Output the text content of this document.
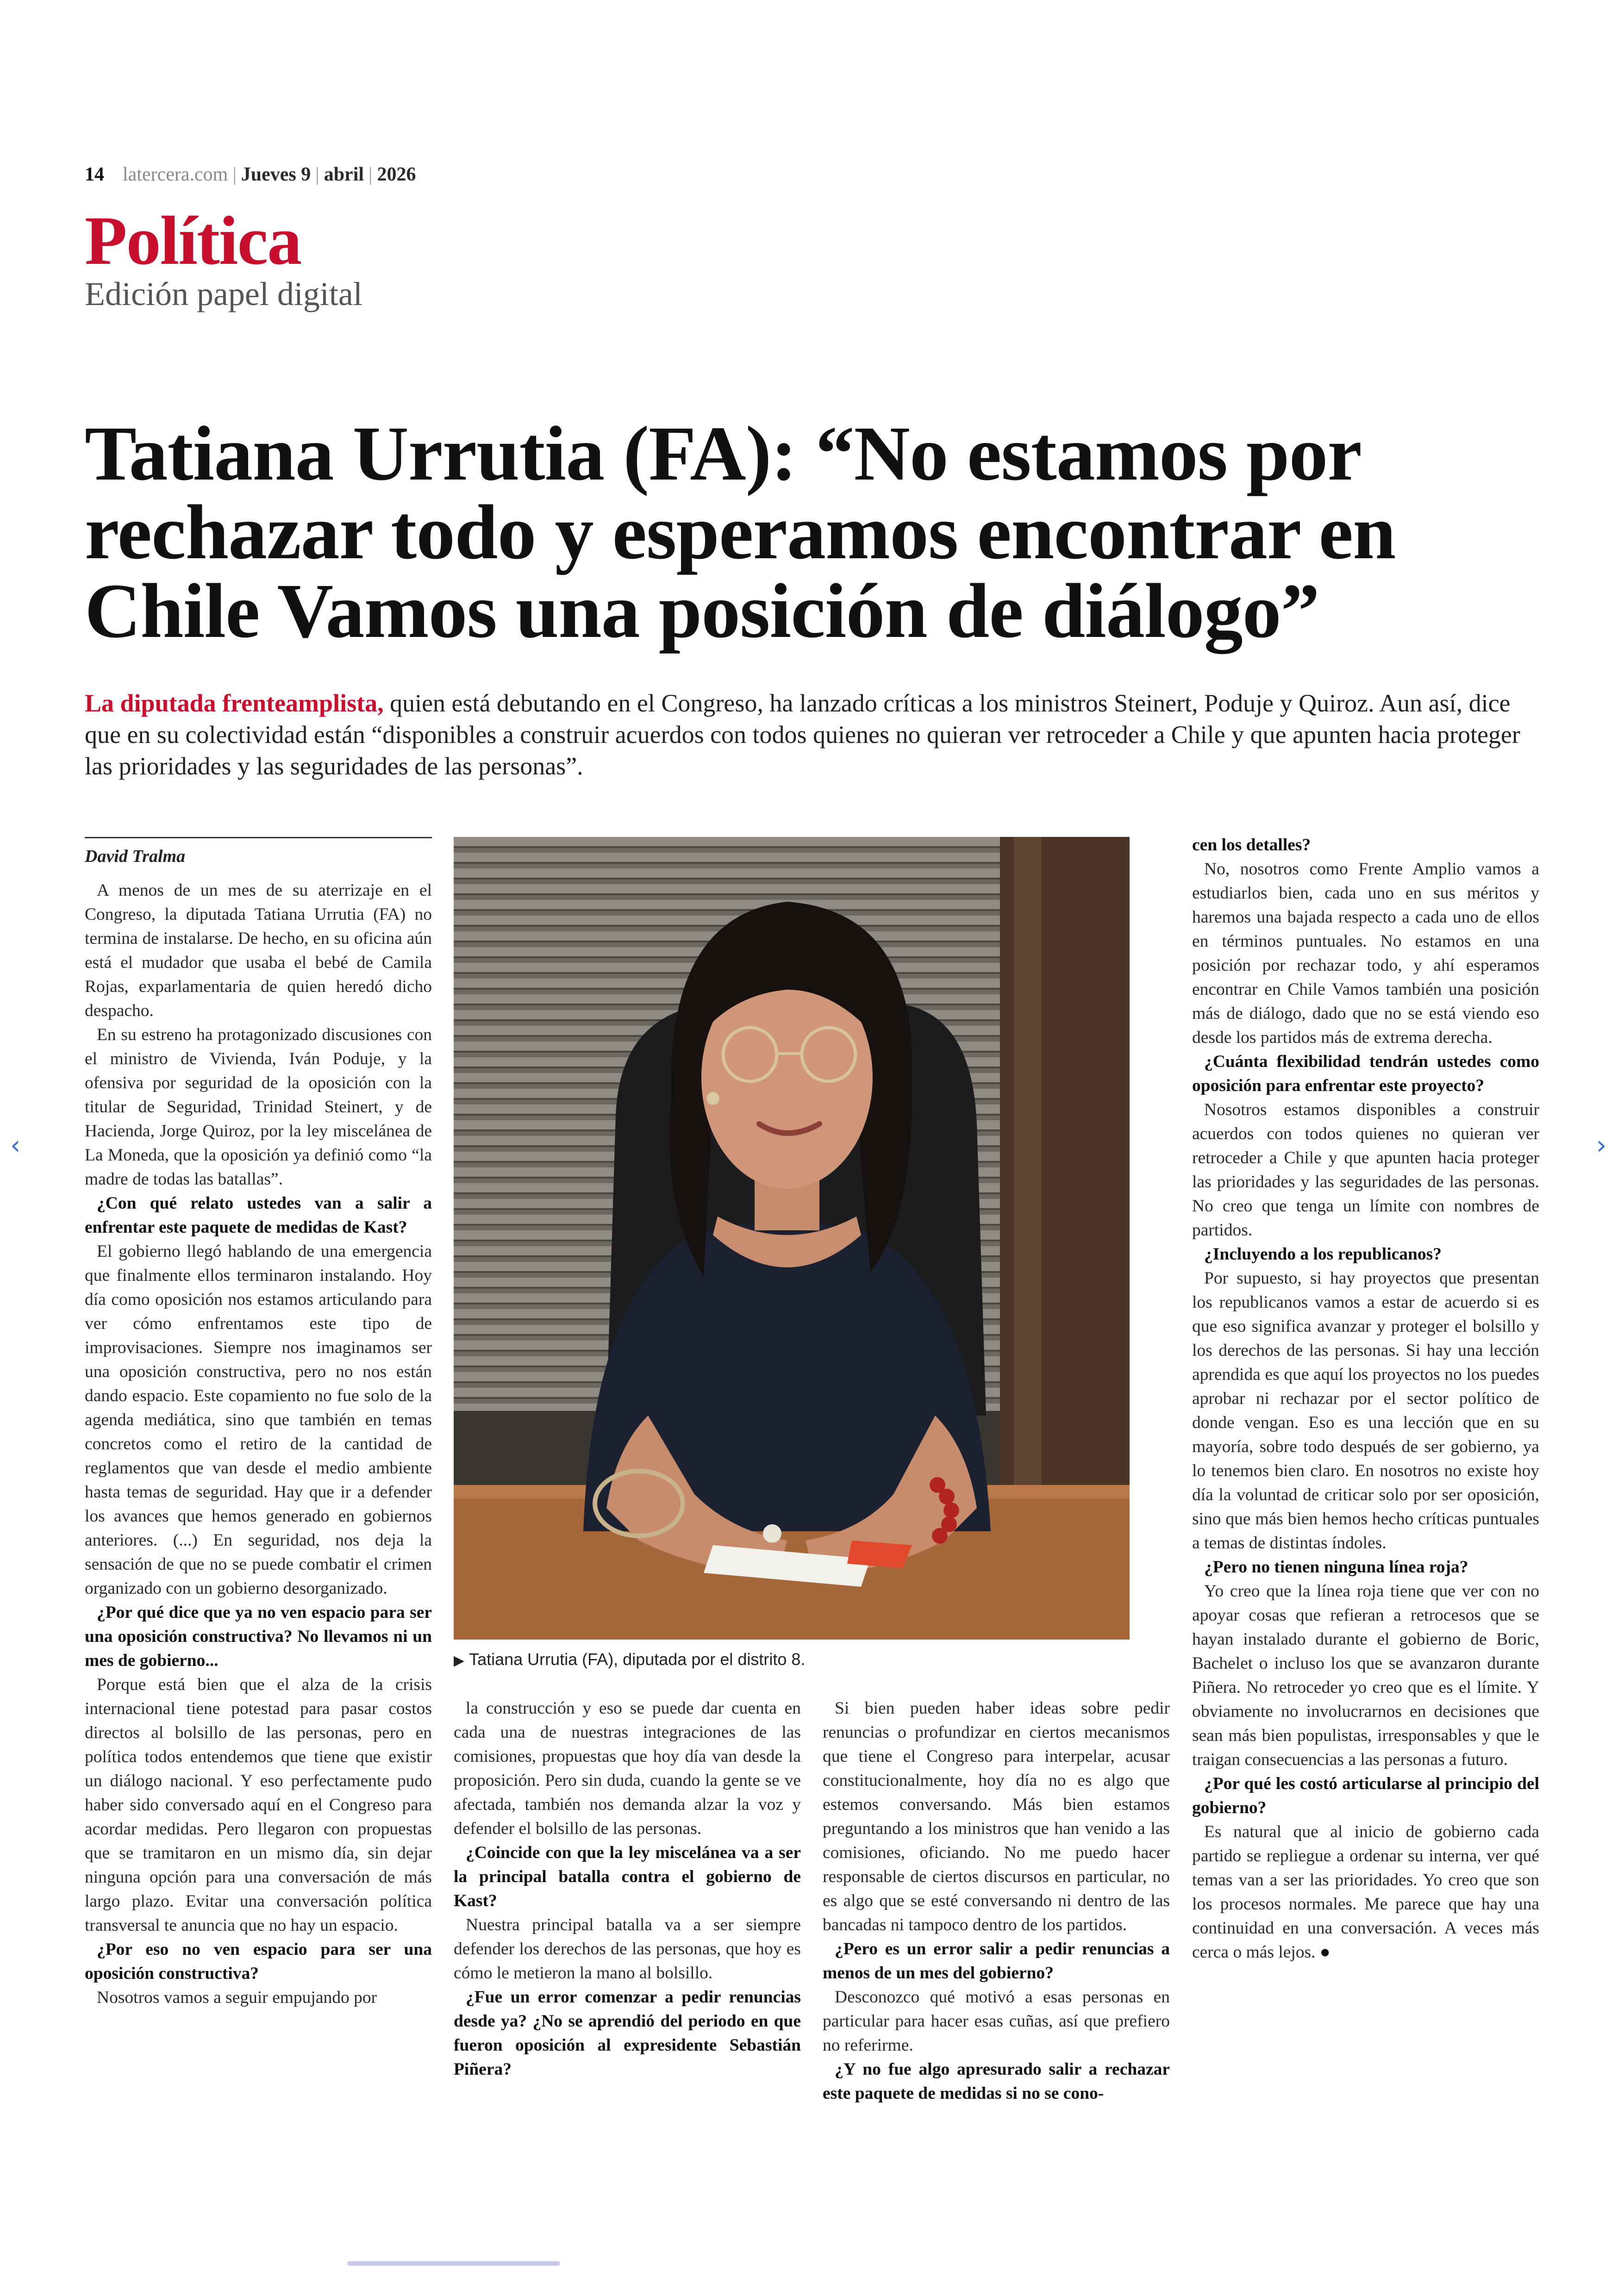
14 latercera.com | Jueves 9 | abril | 2026
Política
Edición papel digital
Tatiana Urrutia (FA): “No estamos por rechazar todo y esperamos encontrar en Chile Vamos una posición de diálogo”

La diputada frenteamplista, quien está debutando en el Congreso, ha lanzado críticas a los ministros Steinert, Poduje y Quiroz. Aun así, dice que en su colectividad están “disponibles a construir acuerdos con todos quienes no quieran ver retroceder a Chile y que apunten hacia proteger las prioridades y las seguridades de las personas”.

David Tralma

A menos de un mes de su aterrizaje en el Congreso, la diputada Tatiana Urrutia (FA) no termina de instalarse. De hecho, en su oficina aún está el mudador que usaba el bebé de Camila Rojas, exparlamentaria de quien heredó dicho despacho.

En su estreno ha protagonizado discusiones con el ministro de Vivienda, Iván Poduje, y la ofensiva por seguridad de la oposición con la titular de Seguridad, Trinidad Steinert, y de Hacienda, Jorge Quiroz, por la ley miscelánea de La Moneda, que la oposición ya definió como “la madre de todas las batallas”.

¿Con qué relato ustedes van a salir a enfrentar este paquete de medidas de Kast?

El gobierno llegó hablando de una emergencia que finalmente ellos terminaron instalando. Hoy día como oposición nos estamos articulando para ver cómo enfrentamos este tipo de improvisaciones. Siempre nos imaginamos ser una oposición constructiva, pero no nos están dando espacio. Este copamiento no fue solo de la agenda mediática, sino que también en temas concretos como el retiro de la cantidad de reglamentos que van desde el medio ambiente hasta temas de seguridad. Hay que ir a defender los avances que hemos generado en gobiernos anteriores. (...) En seguridad, nos deja la sensación de que no se puede combatir el crimen organizado con un gobierno desorganizado.

¿Por qué dice que ya no ven espacio para ser una oposición constructiva? No llevamos ni un mes de gobierno...

Porque está bien que el alza de la crisis internacional tiene potestad para pasar costos directos al bolsillo de las personas, pero en política todos entendemos que tiene que existir un diálogo nacional. Y eso perfectamente pudo haber sido conversado aquí en el Congreso para acordar medidas. Pero llegaron con propuestas que se tramitaron en un mismo día, sin dejar ninguna opción para una conversación de más largo plazo. Evitar una conversación política transversal te anuncia que no hay un espacio.

¿Por eso no ven espacio para ser una oposición constructiva?

Nosotros vamos a seguir empujando por

▶ Tatiana Urrutia (FA), diputada por el distrito 8.

la construcción y eso se puede dar cuenta en cada una de nuestras integraciones de las comisiones, propuestas que hoy día van desde la proposición. Pero sin duda, cuando la gente se ve afectada, también nos demanda alzar la voz y defender el bolsillo de las personas.

¿Coincide con que la ley miscelánea va a ser la principal batalla contra el gobierno de Kast?

Nuestra principal batalla va a ser siempre defender los derechos de las personas, que hoy es cómo le metieron la mano al bolsillo.

¿Fue un error comenzar a pedir renuncias desde ya? ¿No se aprendió del periodo en que fueron oposición al expresidente Sebastián Piñera?

Si bien pueden haber ideas sobre pedir renuncias o profundizar en ciertos mecanismos que tiene el Congreso para interpelar, acusar constitucionalmente, hoy día no es algo que estemos conversando. Más bien estamos preguntando a los ministros que han venido a las comisiones, oficiando. No me puedo hacer responsable de ciertos discursos en particular, no es algo que se esté conversando ni dentro de las bancadas ni tampoco dentro de los partidos.

¿Pero es un error salir a pedir renuncias a menos de un mes del gobierno?

Desconozco qué motivó a esas personas en particular para hacer esas cuñas, así que prefiero no referirme.

¿Y no fue algo apresurado salir a rechazar este paquete de medidas si no se cono-

cen los detalles?

No, nosotros como Frente Amplio vamos a estudiarlos bien, cada uno en sus méritos y haremos una bajada respecto a cada uno de ellos en términos puntuales. No estamos en una posición por rechazar todo, y ahí esperamos encontrar en Chile Vamos también una posición más de diálogo, dado que no se está viendo eso desde los partidos más de extrema derecha.

¿Cuánta flexibilidad tendrán ustedes como oposición para enfrentar este proyecto?

Nosotros estamos disponibles a construir acuerdos con todos quienes no quieran ver retroceder a Chile y que apunten hacia proteger las prioridades y las seguridades de las personas. No creo que tenga un límite con nombres de partidos.

¿Incluyendo a los republicanos?

Por supuesto, si hay proyectos que presentan los republicanos vamos a estar de acuerdo si es que eso significa avanzar y proteger el bolsillo y los derechos de las personas. Si hay una lección aprendida es que aquí los proyectos no los puedes aprobar ni rechazar por el sector político de donde vengan. Eso es una lección que en su mayoría, sobre todo después de ser gobierno, ya lo tenemos bien claro. En nosotros no existe hoy día la voluntad de criticar solo por ser oposición, sino que más bien hemos hecho críticas puntuales a temas de distintas índoles.

¿Pero no tienen ninguna línea roja?

Yo creo que la línea roja tiene que ver con no apoyar cosas que refieran a retrocesos que se hayan instalado durante el gobierno de Boric, Bachelet o incluso los que se avanzaron durante Piñera. No retroceder yo creo que es el límite. Y obviamente no involucrarnos en decisiones que sean más bien populistas, irresponsables y que le traigan consecuencias a las personas a futuro.

¿Por qué les costó articularse al principio del gobierno?

Es natural que al inicio de gobierno cada partido se repliegue a ordenar su interna, ver qué temas van a ser las prioridades. Yo creo que son los procesos normales. Me parece que hay una continuidad en una conversación. A veces más cerca o más lejos. ●

‹	›
